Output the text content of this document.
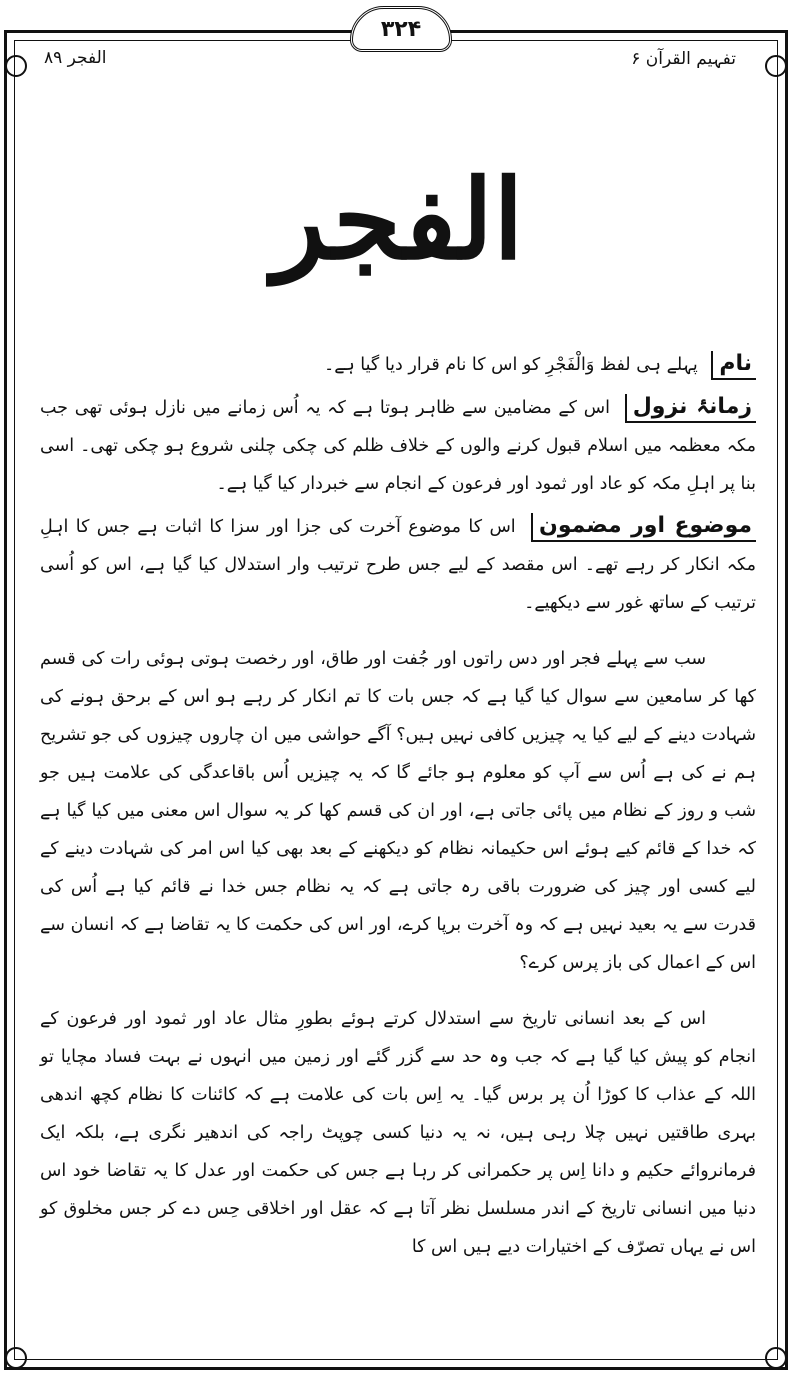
۳۲۴
الفجر ۸۹	تفہیم القرآن ۶
الفجر
نام پہلے ہی لفظ وَالْفَجْرِ کو اس کا نام قرار دیا گیا ہے۔
زمانۂ نزول اس کے مضامین سے ظاہر ہوتا ہے کہ یہ اُس زمانے میں نازل ہوئی تھی جب مکہ معظمہ میں اسلام قبول کرنے والوں کے خلاف ظلم کی چکی چلنی شروع ہو چکی تھی۔ اسی بنا پر اہلِ مکہ کو عاد اور ثمود اور فرعون کے انجام سے خبردار کیا گیا ہے۔
موضوع اور مضمون اس کا موضوع آخرت کی جزا اور سزا کا اثبات ہے جس کا اہلِ مکہ انکار کر رہے تھے۔ اس مقصد کے لیے جس طرح ترتیب وار استدلال کیا گیا ہے، اس کو اُسی ترتیب کے ساتھ غور سے دیکھیے۔
سب سے پہلے فجر اور دس راتوں اور جُفت اور طاق، اور رخصت ہوتی ہوئی رات کی قسم کھا کر سامعین سے سوال کیا گیا ہے کہ جس بات کا تم انکار کر رہے ہو اس کے برحق ہونے کی شہادت دینے کے لیے کیا یہ چیزیں کافی نہیں ہیں؟ آگے حواشی میں ان چاروں چیزوں کی جو تشریح ہم نے کی ہے اُس سے آپ کو معلوم ہو جائے گا کہ یہ چیزیں اُس باقاعدگی کی علامت ہیں جو شب و روز کے نظام میں پائی جاتی ہے، اور ان کی قسم کھا کر یہ سوال اس معنی میں کیا گیا ہے کہ خدا کے قائم کیے ہوئے اس حکیمانہ نظام کو دیکھنے کے بعد بھی کیا اس امر کی شہادت دینے کے لیے کسی اور چیز کی ضرورت باقی رہ جاتی ہے کہ یہ نظام جس خدا نے قائم کیا ہے اُس کی قدرت سے یہ بعید نہیں ہے کہ وہ آخرت برپا کرے، اور اس کی حکمت کا یہ تقاضا ہے کہ انسان سے اس کے اعمال کی باز پرس کرے؟
اس کے بعد انسانی تاریخ سے استدلال کرتے ہوئے بطورِ مثال عاد اور ثمود اور فرعون کے انجام کو پیش کیا گیا ہے کہ جب وہ حد سے گزر گئے اور زمین میں انہوں نے بہت فساد مچایا تو اللہ کے عذاب کا کوڑا اُن پر برس گیا۔ یہ اِس بات کی علامت ہے کہ کائنات کا نظام کچھ اندھی بہری طاقتیں نہیں چلا رہی ہیں، نہ یہ دنیا کسی چوپٹ راجہ کی اندھیر نگری ہے، بلکہ ایک فرمانروائے حکیم و دانا اِس پر حکمرانی کر رہا ہے جس کی حکمت اور عدل کا یہ تقاضا خود اس دنیا میں انسانی تاریخ کے اندر مسلسل نظر آتا ہے کہ عقل اور اخلاقی حِس دے کر جس مخلوق کو اس نے یہاں تصرّف کے اختیارات دیے ہیں اس کا
